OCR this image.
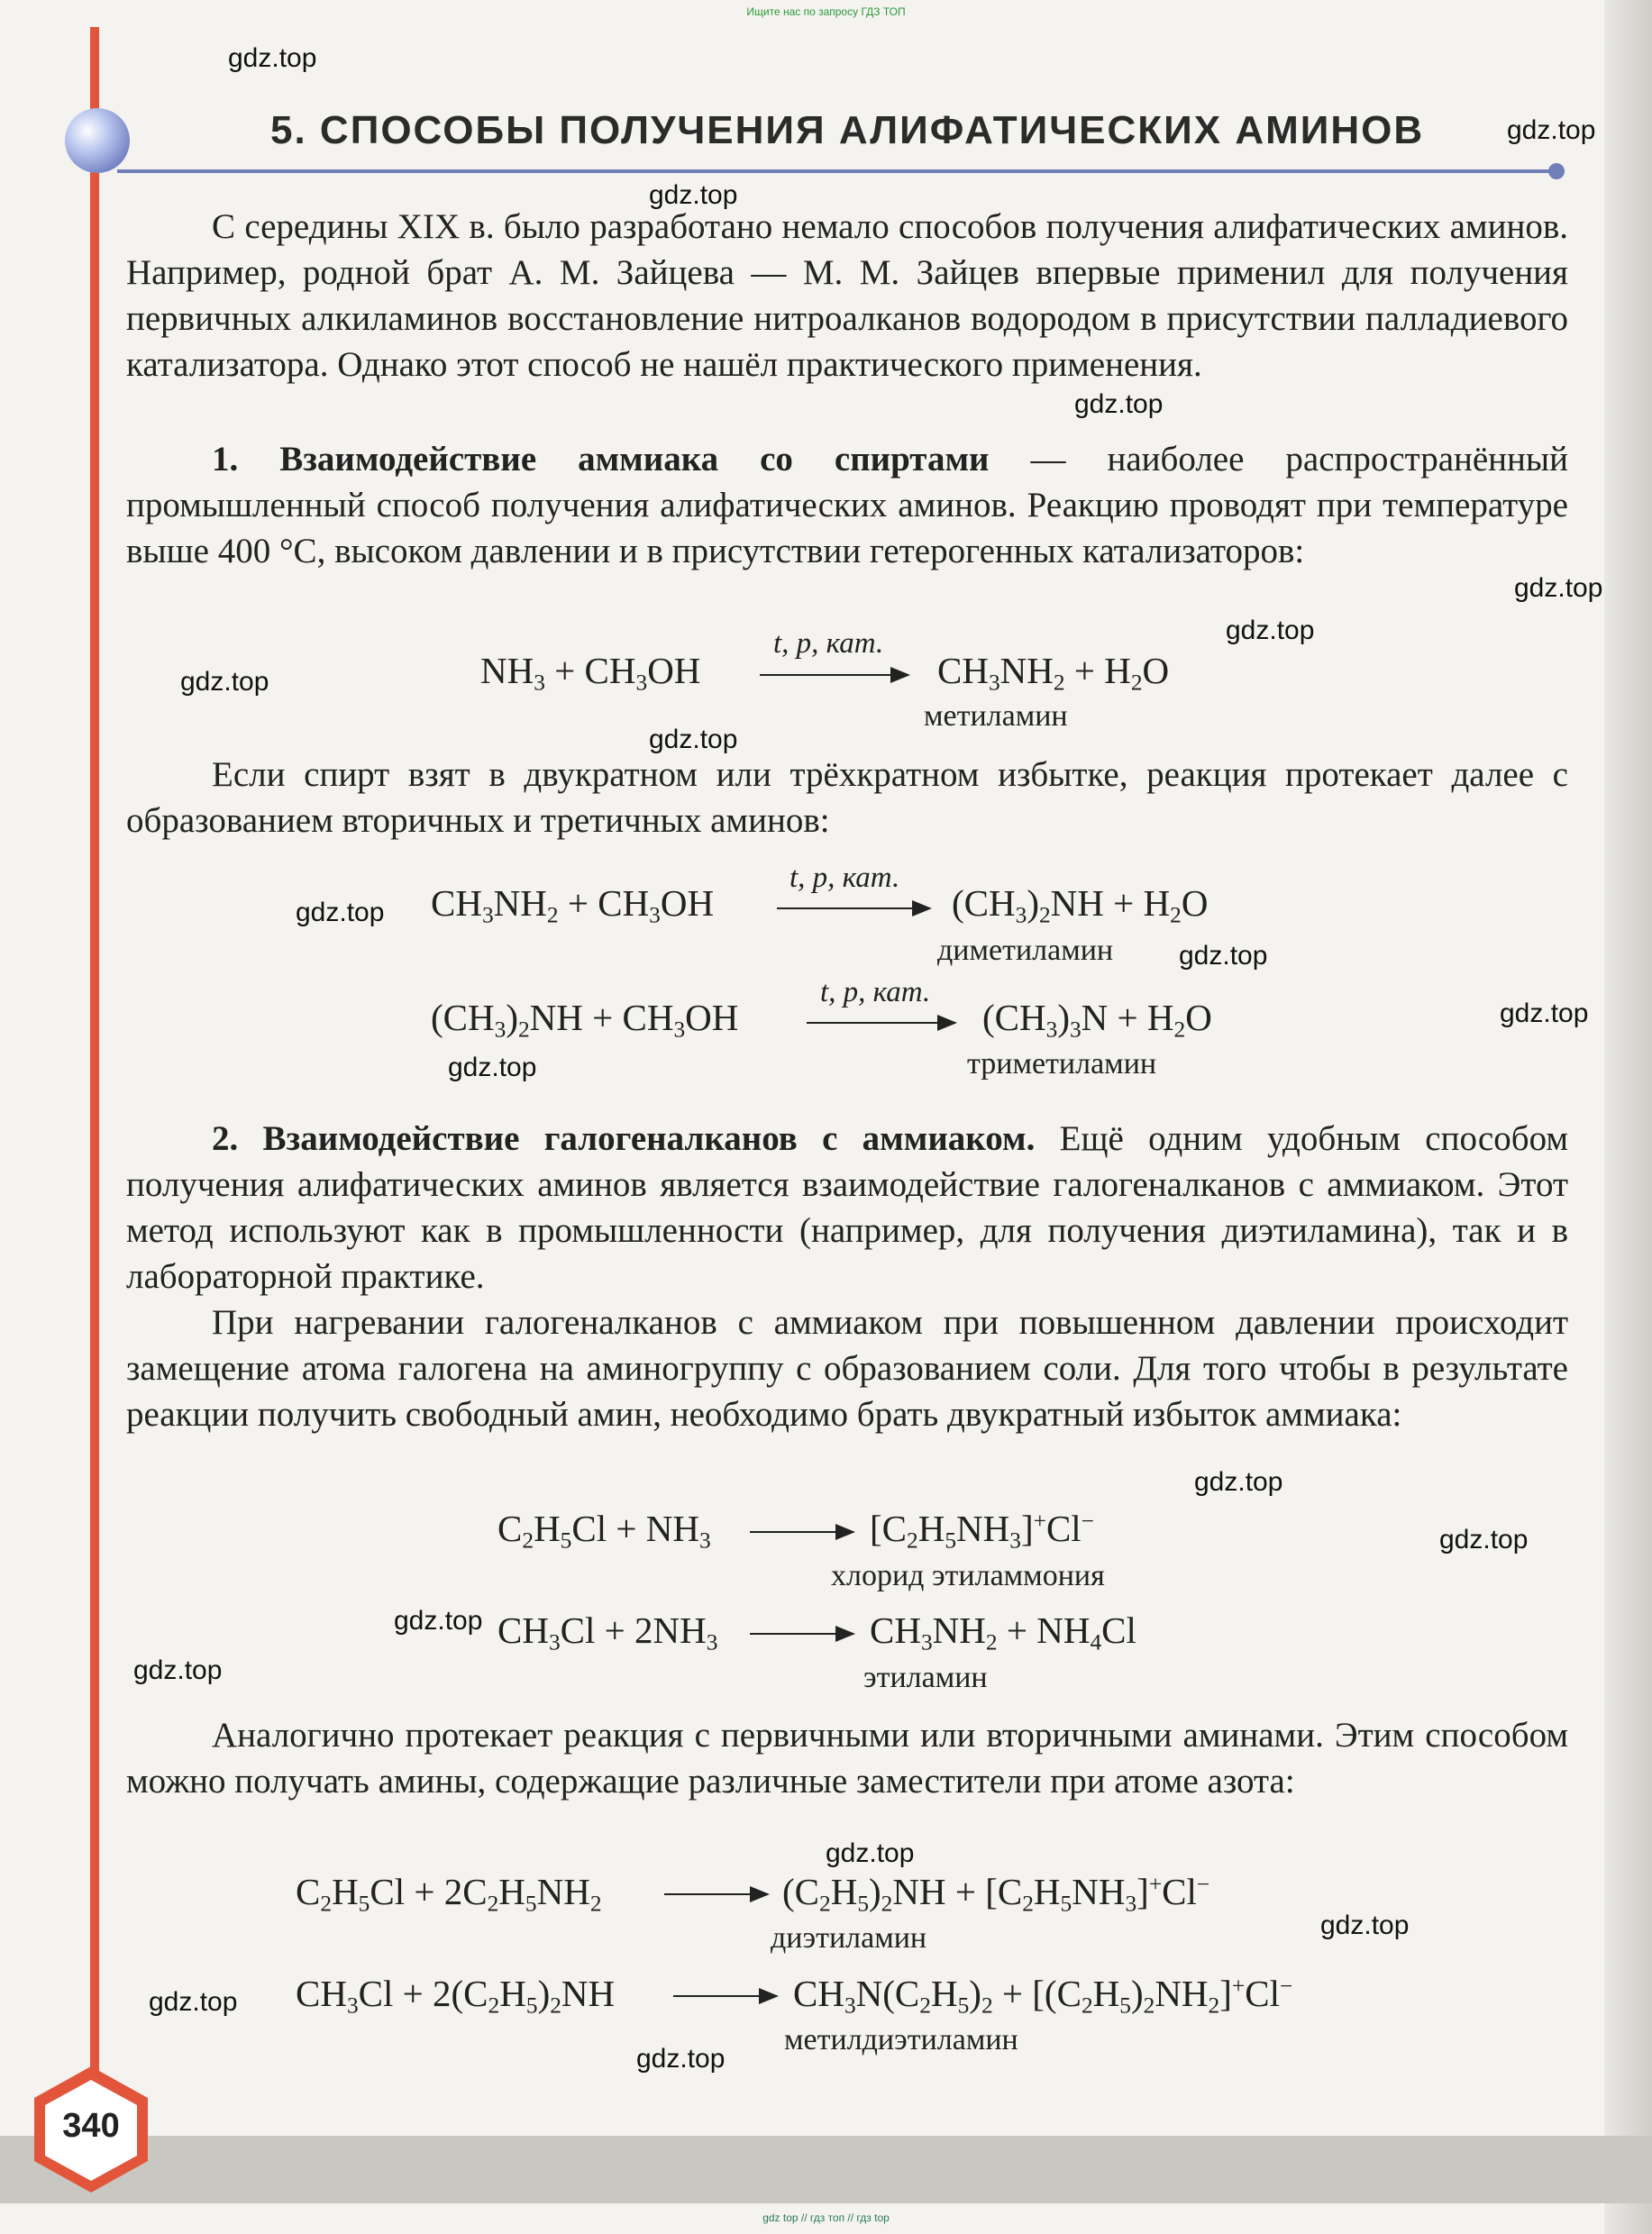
Ищите нас по запросу ГДЗ ТОП
5. СПОСОБЫ ПОЛУЧЕНИЯ АЛИФАТИЧЕСКИХ АМИНОВ

С середины XIX в. было разработано немало способов получения алифатических аминов. Например, родной брат А. М. Зайцева — М. М. Зайцев впервые применил для получения первичных алкиламинов восстановление нитроалканов водородом в присутствии палладиевого катализатора. Однако этот способ не нашёл практического применения.

1. Взаимодействие аммиака со спиртами — наиболее распространённый промышленный способ получения алифатических аминов. Реакцию проводят при температуре выше 400 °C, высоком давлении и в присутствии гетерогенных катализаторов:

$NH_3 + CH_3OH$
t, p, кат.
$CH_3NH_2 + H_2O$
метиламин

Если спирт взят в двукратном или трёхкратном избытке, реакция протекает далее с образованием вторичных и третичных аминов:

$CH_3NH_2 + CH_3OH$
t, p, кат.
$(CH_3)_2NH + H_2O$
диметиламин
$(CH_3)_2NH + CH_3OH$
t, p, кат.
$(CH_3)_3N + H_2O$
триметиламин

2. Взаимодействие галогеналканов с аммиаком. Ещё одним удобным способом получения алифатических аминов является взаимодействие галогеналканов с аммиаком. Этот метод используют как в промышленности (например, для получения диэтиламина), так и в лабораторной практике.

При нагревании галогеналканов с аммиаком при повышенном давлении происходит замещение атома галогена на аминогруппу с образованием соли. Для того чтобы в результате реакции получить свободный амин, необходимо брать двукратный избыток аммиака:

$C_2H_5Cl + NH_3$	$[C_2H_5NH_3]^+Cl^-$
хлорид этиламмония
$CH_3Cl + 2NH_3$	$CH_3NH_2 + NH_4Cl$
этиламин

Аналогично протекает реакция с первичными или вторичными аминами. Этим способом можно получать амины, содержащие различные заместители при атоме азота:

$C_2H_5Cl + 2C_2H_5NH_2$	$(C_2H_5)_2NH + [C_2H_5NH_3]^+Cl^-$
диэтиламин
$CH_3Cl + 2(C_2H_5)_2NH$	$CH_3N(C_2H_5)_2 + [(C_2H_5)_2NH_2]^+Cl^-$
метилдиэтиламин
340
gdz top // гдз топ // гдз top
gdz.top
gdz.top
gdz.top
gdz.top
gdz.top
gdz.top
gdz.top
gdz.top
gdz.top
gdz.top
gdz.top
gdz.top
gdz.top
gdz.top
gdz.top
gdz.top
gdz.top
gdz.top
gdz.top
gdz.top
